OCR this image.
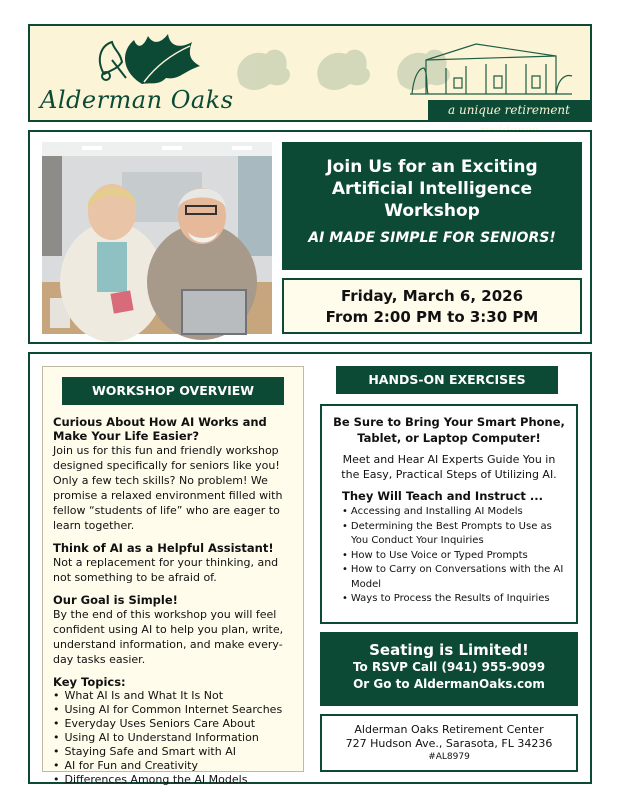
Alderman Oaks	a unique retirement
Join Us for an Exciting
Artificial Intelligence
Workshop
AI MADE SIMPLE FOR SENIORS!
Friday, March 6, 2026
From 2:00 PM to 3:30 PM
WORKSHOP OVERVIEW
Curious About How AI Works and Make Your Life Easier?
Join us for this fun and friendly workshop designed specifically for seniors like you! Only a few tech skills? No problem! We promise a relaxed environment filled with fellow “students of life” who are eager to learn together.
Think of AI as a Helpful Assistant!
Not a replacement for your thinking, and not something to be afraid of.
Our Goal is Simple!
By the end of this workshop you will feel confident using AI to help you plan, write, understand information, and make every-day tasks easier.
Key Topics:
• What AI Is and What It Is Not
• Using AI for Common Internet Searches
• Everyday Uses Seniors Care About
• Using AI to Understand Information
• Staying Safe and Smart with AI
• AI for Fun and Creativity
• Differences Among the AI Models
HANDS-ON EXERCISES
Be Sure to Bring Your Smart Phone,
Tablet, or Laptop Computer!
Meet and Hear AI Experts Guide You in the Easy, Practical Steps of Utilizing AI.
They Will Teach and Instruct ...
• Accessing and Installing AI Models
• Determining the Best Prompts to Use as You Conduct Your Inquiries
• How to Use Voice or Typed Prompts
• How to Carry on Conversations with the AI Model
• Ways to Process the Results of Inquiries
Seating is Limited!
To RSVP Call (941) 955-9099
Or Go to AldermanOaks.com
Alderman Oaks Retirement Center
727 Hudson Ave., Sarasota, FL 34236
#AL8979
